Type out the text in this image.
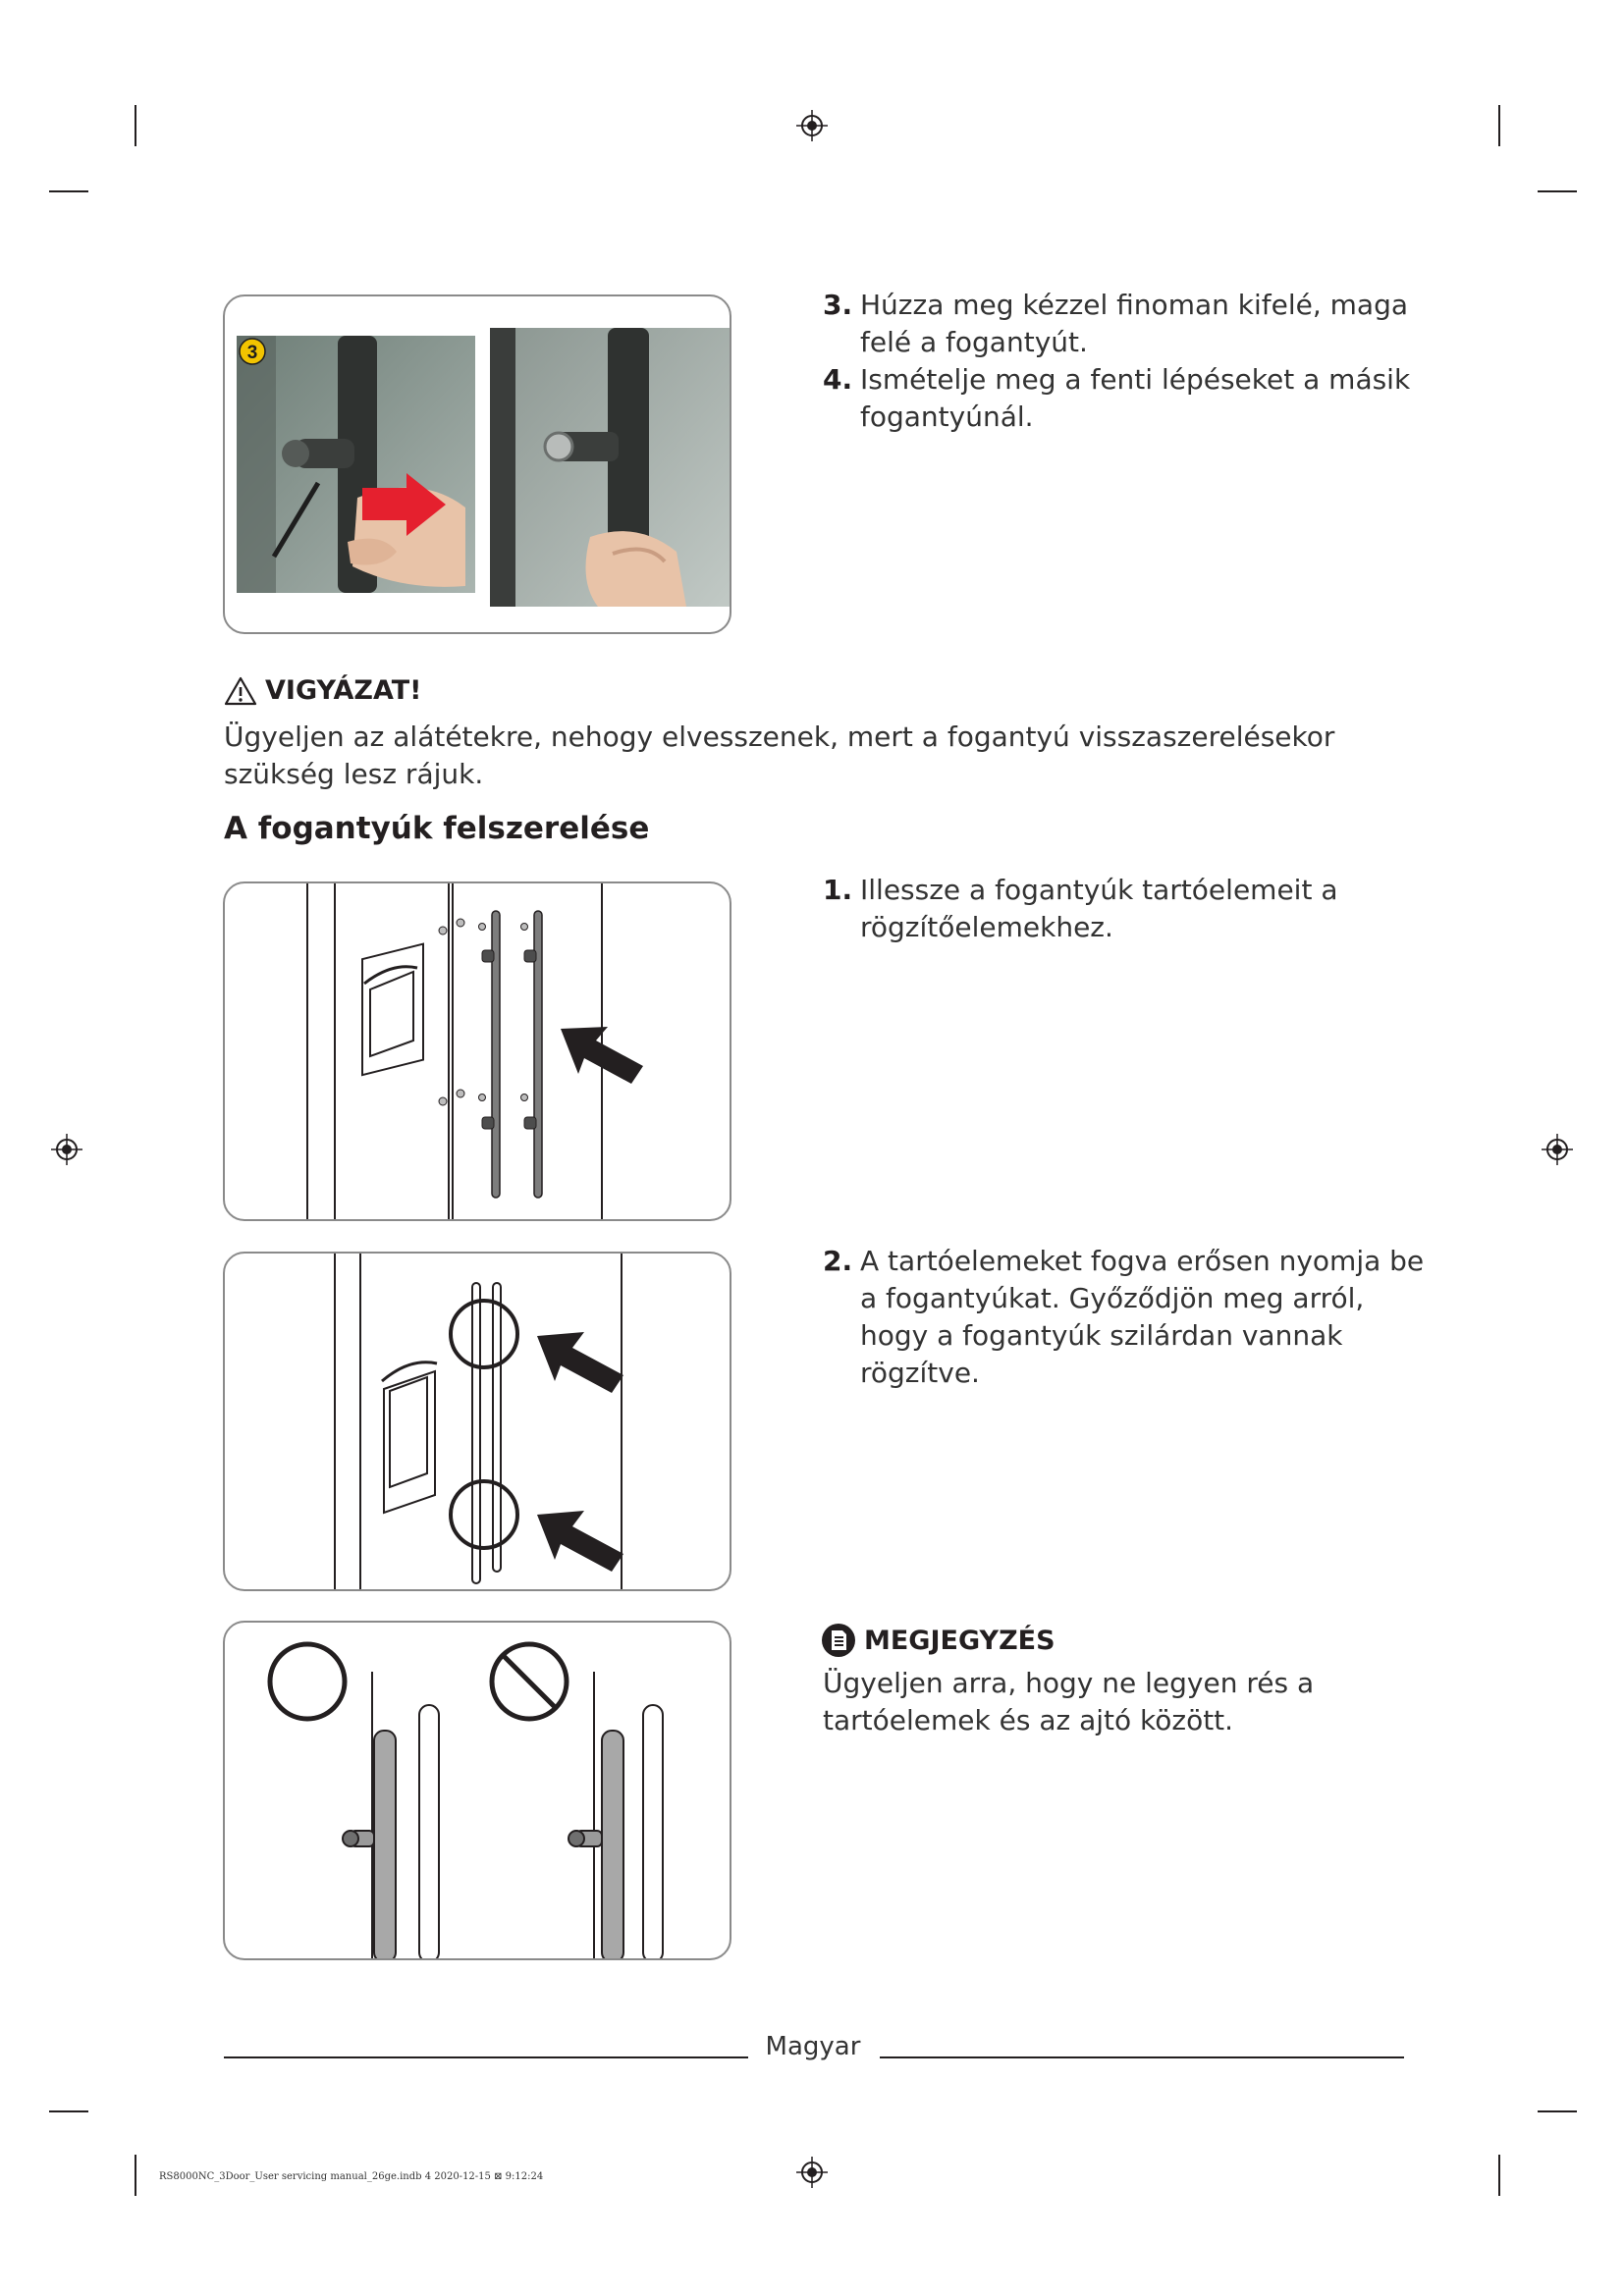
3
3. Húzza meg kézzel finoman kifelé, maga felé a fogantyút.
4. Ismételje meg a fenti lépéseket a másik fogantyúnál.
VIGYÁZAT!
Ügyeljen az alátétekre, nehogy elvesszenek, mert a fogantyú visszaszerelésekor szükség lesz rájuk.
A fogantyúk felszerelése
1. Illessze a fogantyúk tartóelemeit a rögzítőelemekhez.
2. A tartóelemeket fogva erősen nyomja be a fogantyúkat. Győződjön meg arról, hogy a fogantyúk szilárdan vannak rögzítve.
MEGJEGYZÉS
Ügyeljen arra, hogy ne legyen rés a tartóelemek és az ajtó között.
Magyar
RS8000NC_3Door_User servicing manual_26ge.indb 4 2020-12-15 ⊠ 9:12:24
